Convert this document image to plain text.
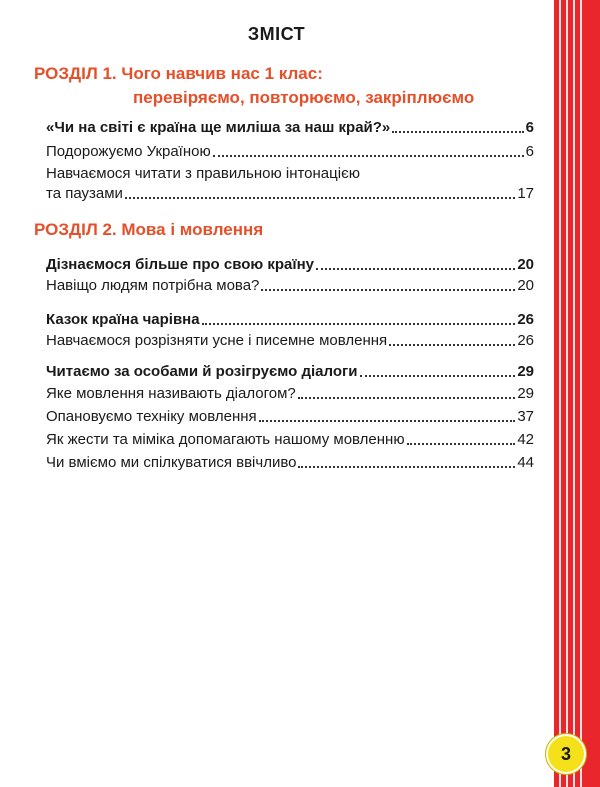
ЗМІСТ
РОЗДІЛ 1. Чого навчив нас 1 клас:
перевіряємо, повторюємо, закріплюємо
РОЗДІЛ 2. Мова і мовлення
«Чи на світі є країна ще миліша за наш край?»	6
Подорожуємо Україною	6
Навчаємося читати з правильною інтонацією
та паузами	17
Дізнаємося більше про свою країну	20
Навіщо людям потрібна мова?	20
Казок країна чарівна	26
Навчаємося розрізняти усне і писемне мовлення	26
Читаємо за особами й розігруємо діалоги	29
Яке мовлення називають діалогом?	29
Опановуємо техніку мовлення	37
Як жести та міміка допомагають нашому мовленню	42
Чи вміємо ми спілкуватися ввічливо	44
3
